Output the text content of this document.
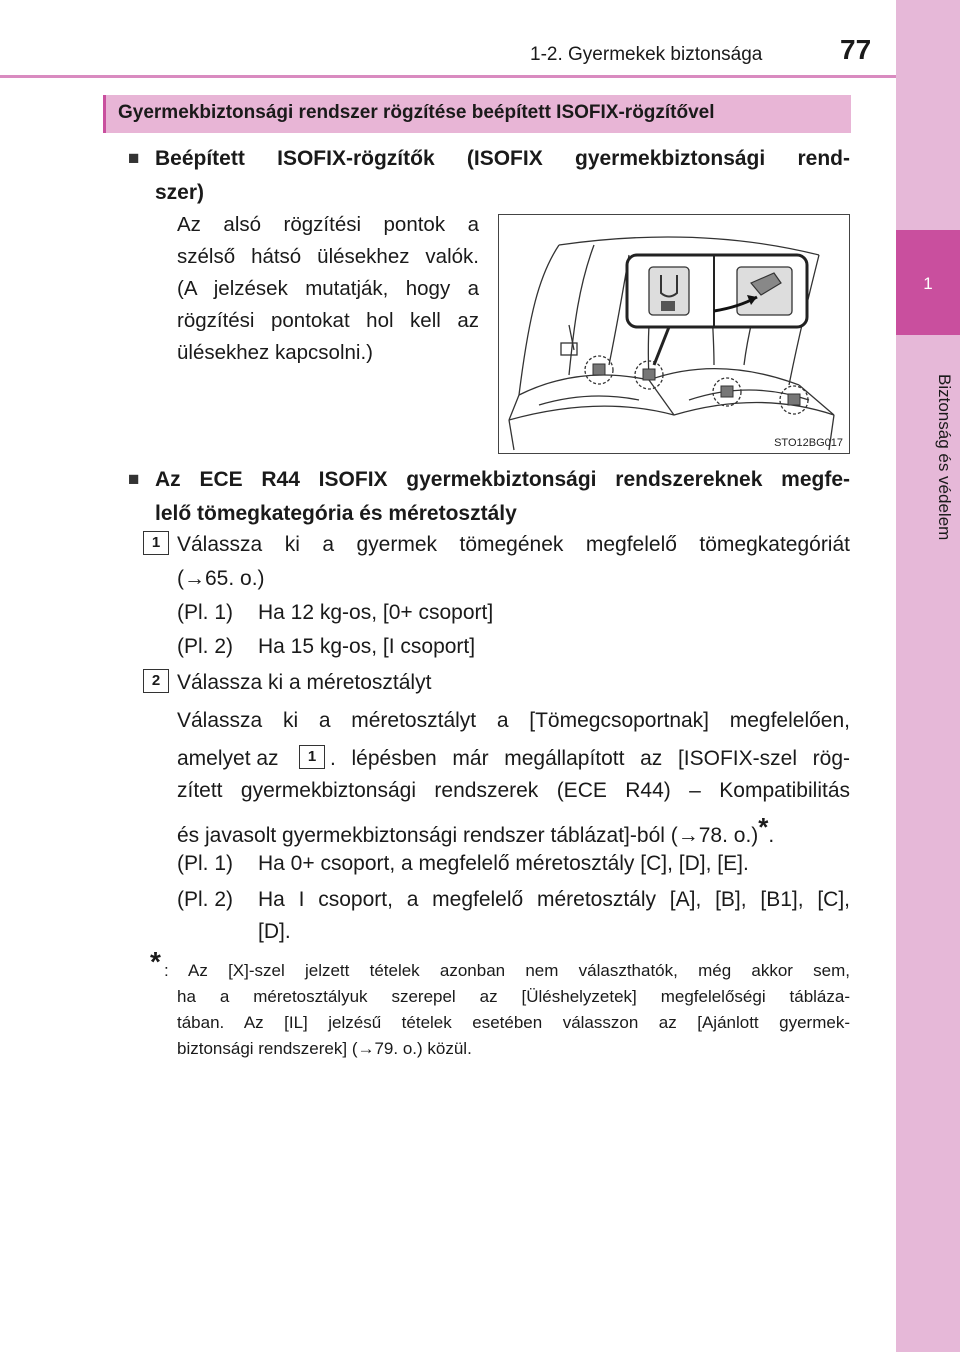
1-2. Gyermekek biztonsága	77
1
Biztonság és védelem
Gyermekbiztonsági rendszer rögzítése beépített ISOFIX-rögzítővel
■ Beépített ISOFIX-rögzítők (ISOFIX gyermekbiztonsági rend-
szer)
Az alsó rögzítési pontok a
szélső hátsó ülésekhez valók.
(A jelzések mutatják, hogy a
rögzítési pontokat hol kell az
ülésekhez kapcsolni.)
STO12BG017
■ Az ECE R44 ISOFIX gyermekbiztonsági rendszereknek megfe-
lelő tömegkategória és méretosztály
1 Válassza ki a gyermek tömegének megfelelő tömegkategóriát
(→65. o.)
(Pl. 1) Ha 12 kg-os, [0+ csoport]
(Pl. 2) Ha 15 kg-os, [I csoport]
2 Válassza ki a méretosztályt
Válassza ki a méretosztályt a [Tömegcsoportnak] megfelelően,
amelyet az	1 . lépésben már megállapított az [ISOFIX-szel rög-
zített gyermekbiztonsági rendszerek (ECE R44) – Kompatibilitás
és javasolt gyermekbiztonsági rendszer táblázat]-ból (→78. o.)*.
(Pl. 1) Ha 0+ csoport, a megfelelő méretosztály [C], [D], [E].
(Pl. 2) Ha I csoport, a megfelelő méretosztály [A], [B], [B1], [C],
[D].
* : Az [X]-szel jelzett tételek azonban nem választhatók, még akkor sem,
ha a méretosztályuk szerepel az [Üléshelyzetek] megfelelőségi táblázа-
tában. Az [IL] jelzésű tételek esetében válasszon az [Ajánlott gyermek-
biztonsági rendszerek] (→79. o.) közül.
